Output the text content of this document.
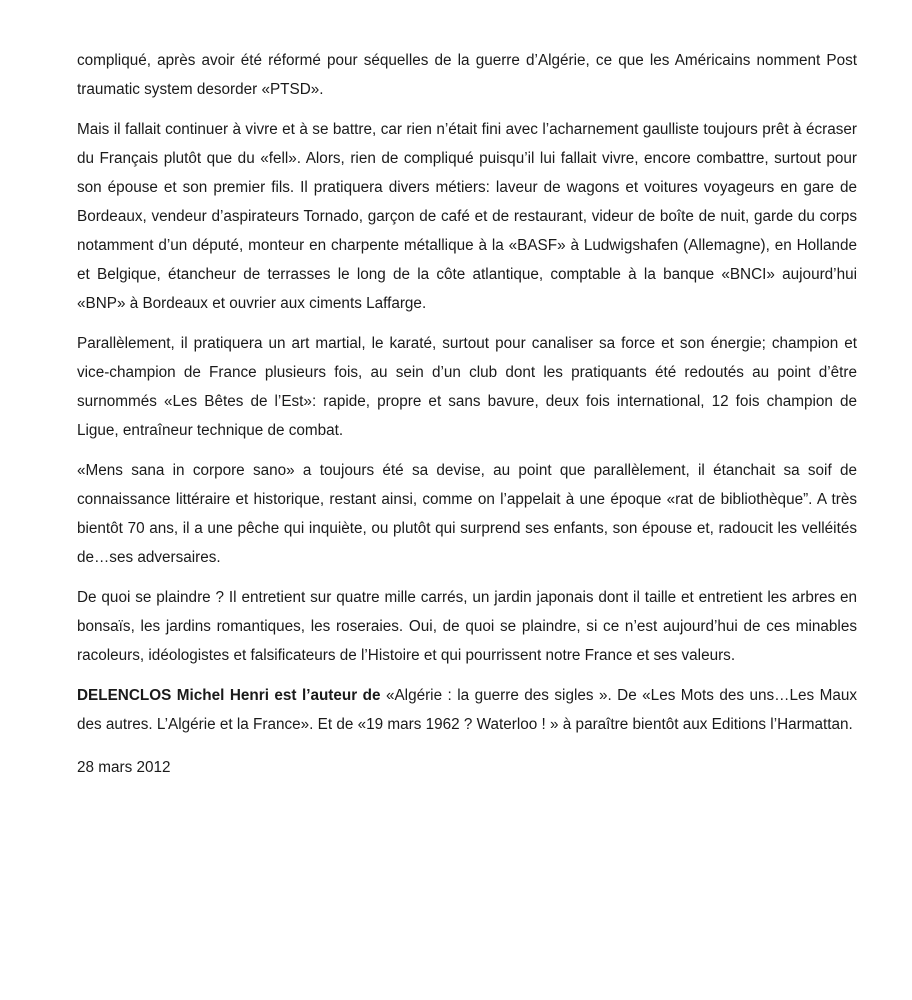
compliqué, après avoir été réformé pour séquelles de la guerre d’Algérie, ce que les Américains nomment Post traumatic system desorder «PTSD».

Mais il fallait continuer à vivre et à se battre, car rien n’était fini avec l’acharnement gaulliste toujours prêt à écraser du Français plutôt que du «fell». Alors, rien de compliqué puisqu’il lui fallait vivre, encore combattre, surtout pour son épouse et son premier fils. Il pratiquera divers métiers: laveur de wagons et voitures voyageurs en gare de Bordeaux, vendeur d’aspirateurs Tornado, garçon de café et de restaurant, videur de boîte de nuit, garde du corps notamment d’un député, monteur en charpente métallique à la «BASF» à Ludwigshafen (Allemagne), en Hollande et Belgique, étancheur de terrasses le long de la côte atlantique, comptable à la banque «BNCI» aujourd’hui «BNP» à Bordeaux et ouvrier aux ciments Laffarge.

Parallèlement, il pratiquera un art martial, le karaté, surtout pour canaliser sa force et son énergie; champion et vice-champion de France plusieurs fois, au sein d’un club dont les pratiquants été redoutés au point d’être surnommés «Les Bêtes de l’Est»: rapide, propre et sans bavure, deux fois international, 12 fois champion de Ligue, entraîneur technique de combat.

«Mens sana in corpore sano» a toujours été sa devise, au point que parallèlement, il étanchait sa soif de connaissance littéraire et historique, restant ainsi, comme on l’appelait à une époque «rat de bibliothèque”. A très bientôt 70 ans, il a une pêche qui inquiète, ou plutôt qui surprend ses enfants, son épouse et, radoucit les velléités de…ses adversaires.

De quoi se plaindre ? Il entretient sur quatre mille carrés, un jardin japonais dont il taille et entretient les arbres en bonsaïs, les jardins romantiques, les roseraies. Oui, de quoi se plaindre, si ce n’est aujourd’hui de ces minables racoleurs, idéologistes et falsificateurs de l’Histoire et qui pourrissent notre France et ses valeurs.

DELENCLOS Michel Henri est l’auteur de «Algérie : la guerre des sigles ». De «Les Mots des uns…Les Maux des autres. L’Algérie et la France». Et de «19 mars 1962 ? Waterloo ! » à paraître bientôt aux Editions l’Harmattan.

28 mars 2012
